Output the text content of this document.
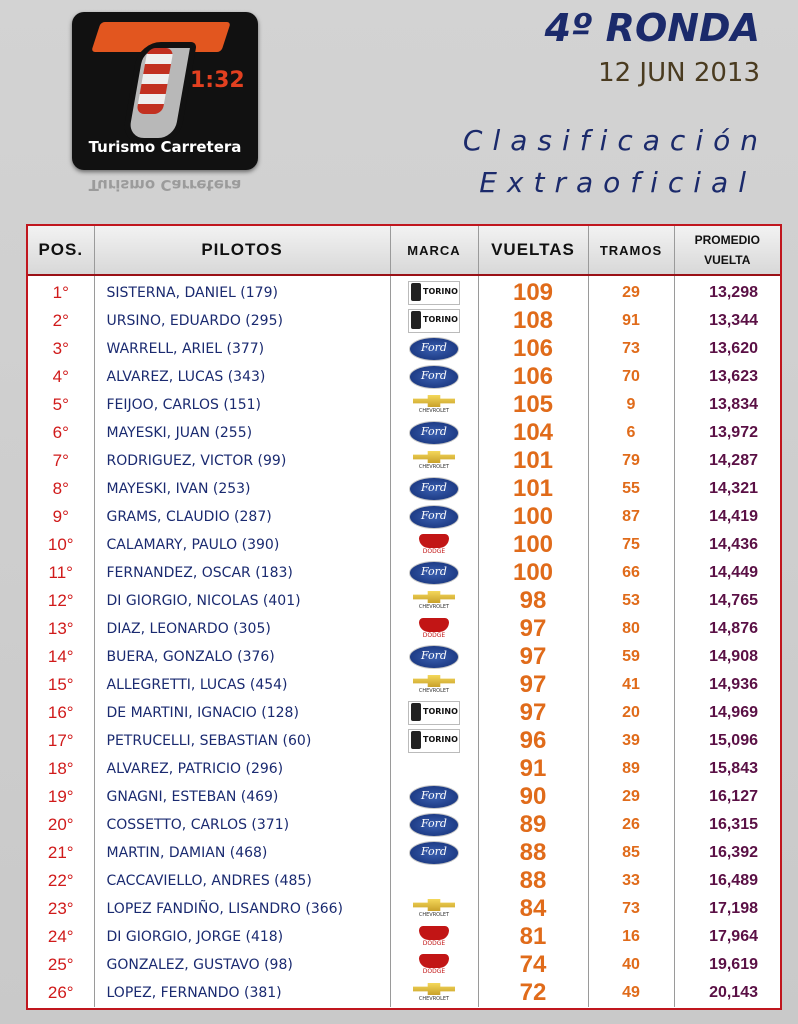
1:32
Turismo Carretera
Turismo Carretera
4º RONDA
12 JUN 2013
Clasificación
Extraoficial
POS.	PILOTOS	MARCA	VUELTAS	TRAMOS	PROMEDIO
VUELTA

1°	SISTERNA, DANIEL (179)	TORINO	109	29	13,298
2°	URSINO, EDUARDO (295)	TORINO	108	91	13,344
3°	WARRELL, ARIEL (377)	Ford	106	73	13,620
4°	ALVAREZ, LUCAS (343)	Ford	106	70	13,623
5°	FEIJOO, CARLOS (151)	CHEVROLET	105	9	13,834
6°	MAYESKI, JUAN (255)	Ford	104	6	13,972
7°	RODRIGUEZ, VICTOR (99)	CHEVROLET	101	79	14,287
8°	MAYESKI, IVAN (253)	Ford	101	55	14,321
9°	GRAMS, CLAUDIO (287)	Ford	100	87	14,419
10°	CALAMARY, PAULO (390)	DODGE	100	75	14,436
11°	FERNANDEZ, OSCAR (183)	Ford	100	66	14,449
12°	DI GIORGIO, NICOLAS (401)	CHEVROLET	98	53	14,765
13°	DIAZ, LEONARDO (305)	DODGE	97	80	14,876
14°	BUERA, GONZALO (376)	Ford	97	59	14,908
15°	ALLEGRETTI, LUCAS (454)	CHEVROLET	97	41	14,936
16°	DE MARTINI, IGNACIO (128)	TORINO	97	20	14,969
17°	PETRUCELLI, SEBASTIAN (60)	TORINO	96	39	15,096
18°	ALVAREZ, PATRICIO (296)		91	89	15,843
19°	GNAGNI, ESTEBAN (469)	Ford	90	29	16,127
20°	COSSETTO, CARLOS (371)	Ford	89	26	16,315
21°	MARTIN, DAMIAN (468)	Ford	88	85	16,392
22°	CACCAVIELLO, ANDRES (485)		88	33	16,489
23°	LOPEZ FANDIÑO, LISANDRO (366)	CHEVROLET	84	73	17,198
24°	DI GIORGIO, JORGE (418)	DODGE	81	16	17,964
25°	GONZALEZ, GUSTAVO (98)	DODGE	74	40	19,619
26°	LOPEZ, FERNANDO (381)	CHEVROLET	72	49	20,143
